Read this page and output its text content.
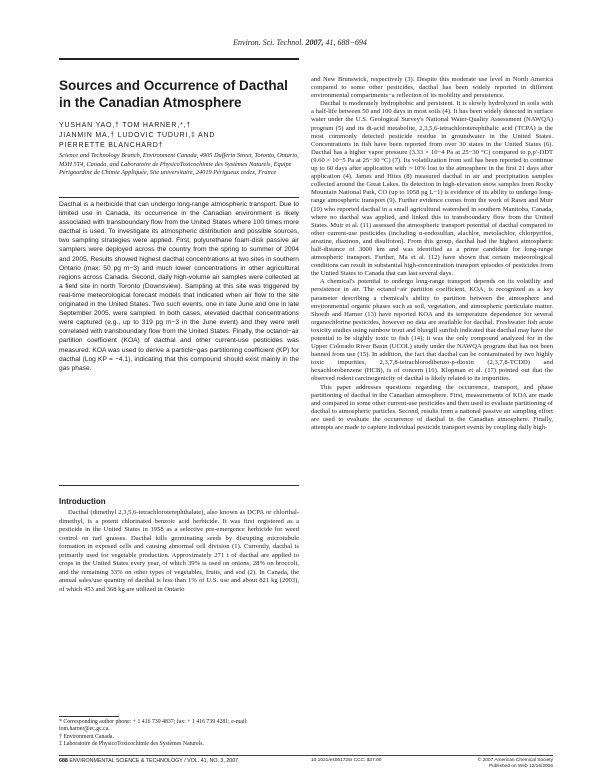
Environ. Sci. Technol. 2007, 41, 688−694
Sources and Occurrence of Dacthal in the Canadian Atmosphere
YUSHAN YAO,† TOM HARNER,*,†
JIANMIN MA,† LUDOVIC TUDURI,‡ AND
PIERRETTE BLANCHARD†
Science and Technology Branch, Environment Canada, 4905 Dufferin Street, Toronto, Ontario, M3H 5T4, Canada, and Laboratoire de PhysicoToxicochimie des Systèmes Naturels, Equipe Périgourdine de Chimie Appliquée, Site universitaire, 24019 Périgueux cedex, France

Dacthal is a herbicide that can undergo long-range atmospheric transport. Due to limited use in Canada, its occurrence in the Canadian environment is likely associated with transboundary flow from the United States where 100 times more dacthal is used. To investigate its atmospheric distribution and possible sources, two sampling strategies were applied. First, polyurethane foam-disk passive air samplers were deployed across the country from the spring to summer of 2004 and 2005. Results showed highest dacthal concentrations at two sites in southern Ontario (max: 50 pg m−3) and much lower concentrations in other agricultural regions across Canada. Second, daily high-volume air samples were collected at a field site in north Toronto (Downsview). Sampling at this site was triggered by real-time meteorological forecast models that indicated when air flow to the site originated in the United States. Two such events, one in late June and one in late September 2005, were sampled. In both cases, elevated dacthal concentrations were captured (e.g., up to 319 pg m−3 in the June event) and they were well correlated with transboundary flow from the United States. Finally, the octanol−air partition coefficient (KOA) of dacthal and other current-use pesticides was measured. KOA was used to derive a particle−gas partitioning coefficient (KP) for dacthal (Log KP = −4.1), indicating that this compound should exist mainly in the gas phase.

Introduction

Dacthal (dimethyl 2,3,5,6-tetrachloroterephthalate), also known as DCPA or chlorthal-dimethyl, is a potent chlorinated benzoic acid herbicide. It was first registered as a pesticide in the United States in 1958 as a selective pre-emergence herbicide for weed control on turf grasses. Dacthal kills germinating seeds by disrupting microtubule formation in exposed cells and causing abnormal cell division (1). Currently, dacthal is primarily used for vegetable production. Approximately 271 t of dacthal are applied to crops in the United States every year, of which 39% is used on onions, 28% on broccoli, and the remaining 33% on other types of vegetables, fruits, and sod (2). In Canada, the annual sales/use quantity of dacthal is less than 1% of U.S. use and about 821 kg (2003), of which 453 and 368 kg are utilized in Ontario

* Corresponding author phone: + 1 416 739 4837; fax: + 1 416 739 4281; e-mail: tom.harner@ec.gc.ca.
† Environment Canada.
‡ Laboratoire de PhysicoToxicochimie des Systèmes Naturels.

and New Brunswick, respectively (3). Despite this moderate use level in North America compared to some other pesticides, dacthal has been widely reported in different environmental compartments−a reflection of its mobility and persistence.

Dacthal is moderately hydrophobic and persistent. It is slowly hydrolyzed in soils with a half-life between 50 and 100 days in most soils (4). It has been widely detected in surface water under the U.S. Geological Survey's National Water-Quality Assessment (NAWQA) program (5) and its di-acid metabolite, 2,3,5,6-tetrachloroterephthalic acid (TCPA) is the most commonly detected pesticide residue in groundwater in the United States. Concentrations in fish have been reported from over 30 states in the United States (6). Dacthal has a higher vapor pressure (3.33 × 10−4 Pa at 25−30 °C) compared to p,p′-DDT (9.60 × 10−5 Pa at 25−30 °C) (7). Its volatilization from soil has been reported to continue up to 60 days after application with ∼10% lost to the atmosphere in the first 21 days after application (4). James and Hites (8) measured dacthal in air and precipitation samples collected around the Great Lakes. Its detection in high-elevation snow samples from Rocky Mountain National Park, CO (up to 1058 pg L−1) is evidence of its ability to undergo long-range atmospheric transport (9). Further evidence comes from the work of Rawn and Muir (10) who reported dacthal in a small agricultural watershed in southern Manitoba, Canada, where no dacthal was applied, and linked this to transboundary flow from the United States. Muir et al. (11) assessed the atmospheric transport potential of dacthal compared to other current-use pesticides (including α-endosulfan, alachlor, metolachlor, chlorpyrifos, atrazine, diazinon, and disulfoton). From this group, dacthal had the highest atmospheric half-distance of 3000 km and was identified as a prime candidate for long-range atmospheric transport. Further, Ma et al. (12) have shown that certain meteorological conditions can result in substantial high-concentration transport episodes of pesticides from the United States to Canada that can last several days.

A chemical's potential to undergo long-range transport depends on its volatility and persistence in air. The octanol−air partition coefficient, KOA, is recognized as a key parameter describing a chemical's ability to partition between the atmosphere and environmental organic phases such as soil, vegetation, and atmospheric particulate matter. Shoeib and Harner (13) have reported KOA and its temperature dependence for several organochlorine pesticides, however no data are available for dacthal. Freshwater fish acute toxicity studies using rainbow trout and bluegill sunfish indicated that dacthal may have the potential to be slightly toxic to fish (14); it was the only compound analyzed for in the Upper Colorado River Basin (UCOL) study under the NAWQA program that has not been banned from use (15). In addition, the fact that dacthal can be contaminated by two highly toxic impurities, 2,3,7,8-tetrachlorodibenzo-p-dioxin (2,3,7,8-TCDD) and hexachlorobenzene (HCB), is of concern (16). Klopman et al. (17) pointed out that the observed rodent carcinogenicity of dacthal is likely related to its impurities.

This paper addresses questions regarding the occurrence, transport, and phase partitioning of dacthal in the Canadian atmosphere. First, measurements of KOA are made and compared to some other current-use pesticides and then used to evaluate partitioning of dacthal to atmospheric particles. Second, results from a national passive air sampling effort are used to evaluate the occurrence of dacthal in the Canadian atmosphere. Finally, attempts are made to capture individual pesticide transport events by coupling daily high-

688 ENVIRONMENTAL SCIENCE & TECHNOLOGY / VOL. 41, NO. 3, 2007	10.1021/es061725r CCC: $37.00	© 2007 American Chemical Society
Published on Web 12/16/2006
